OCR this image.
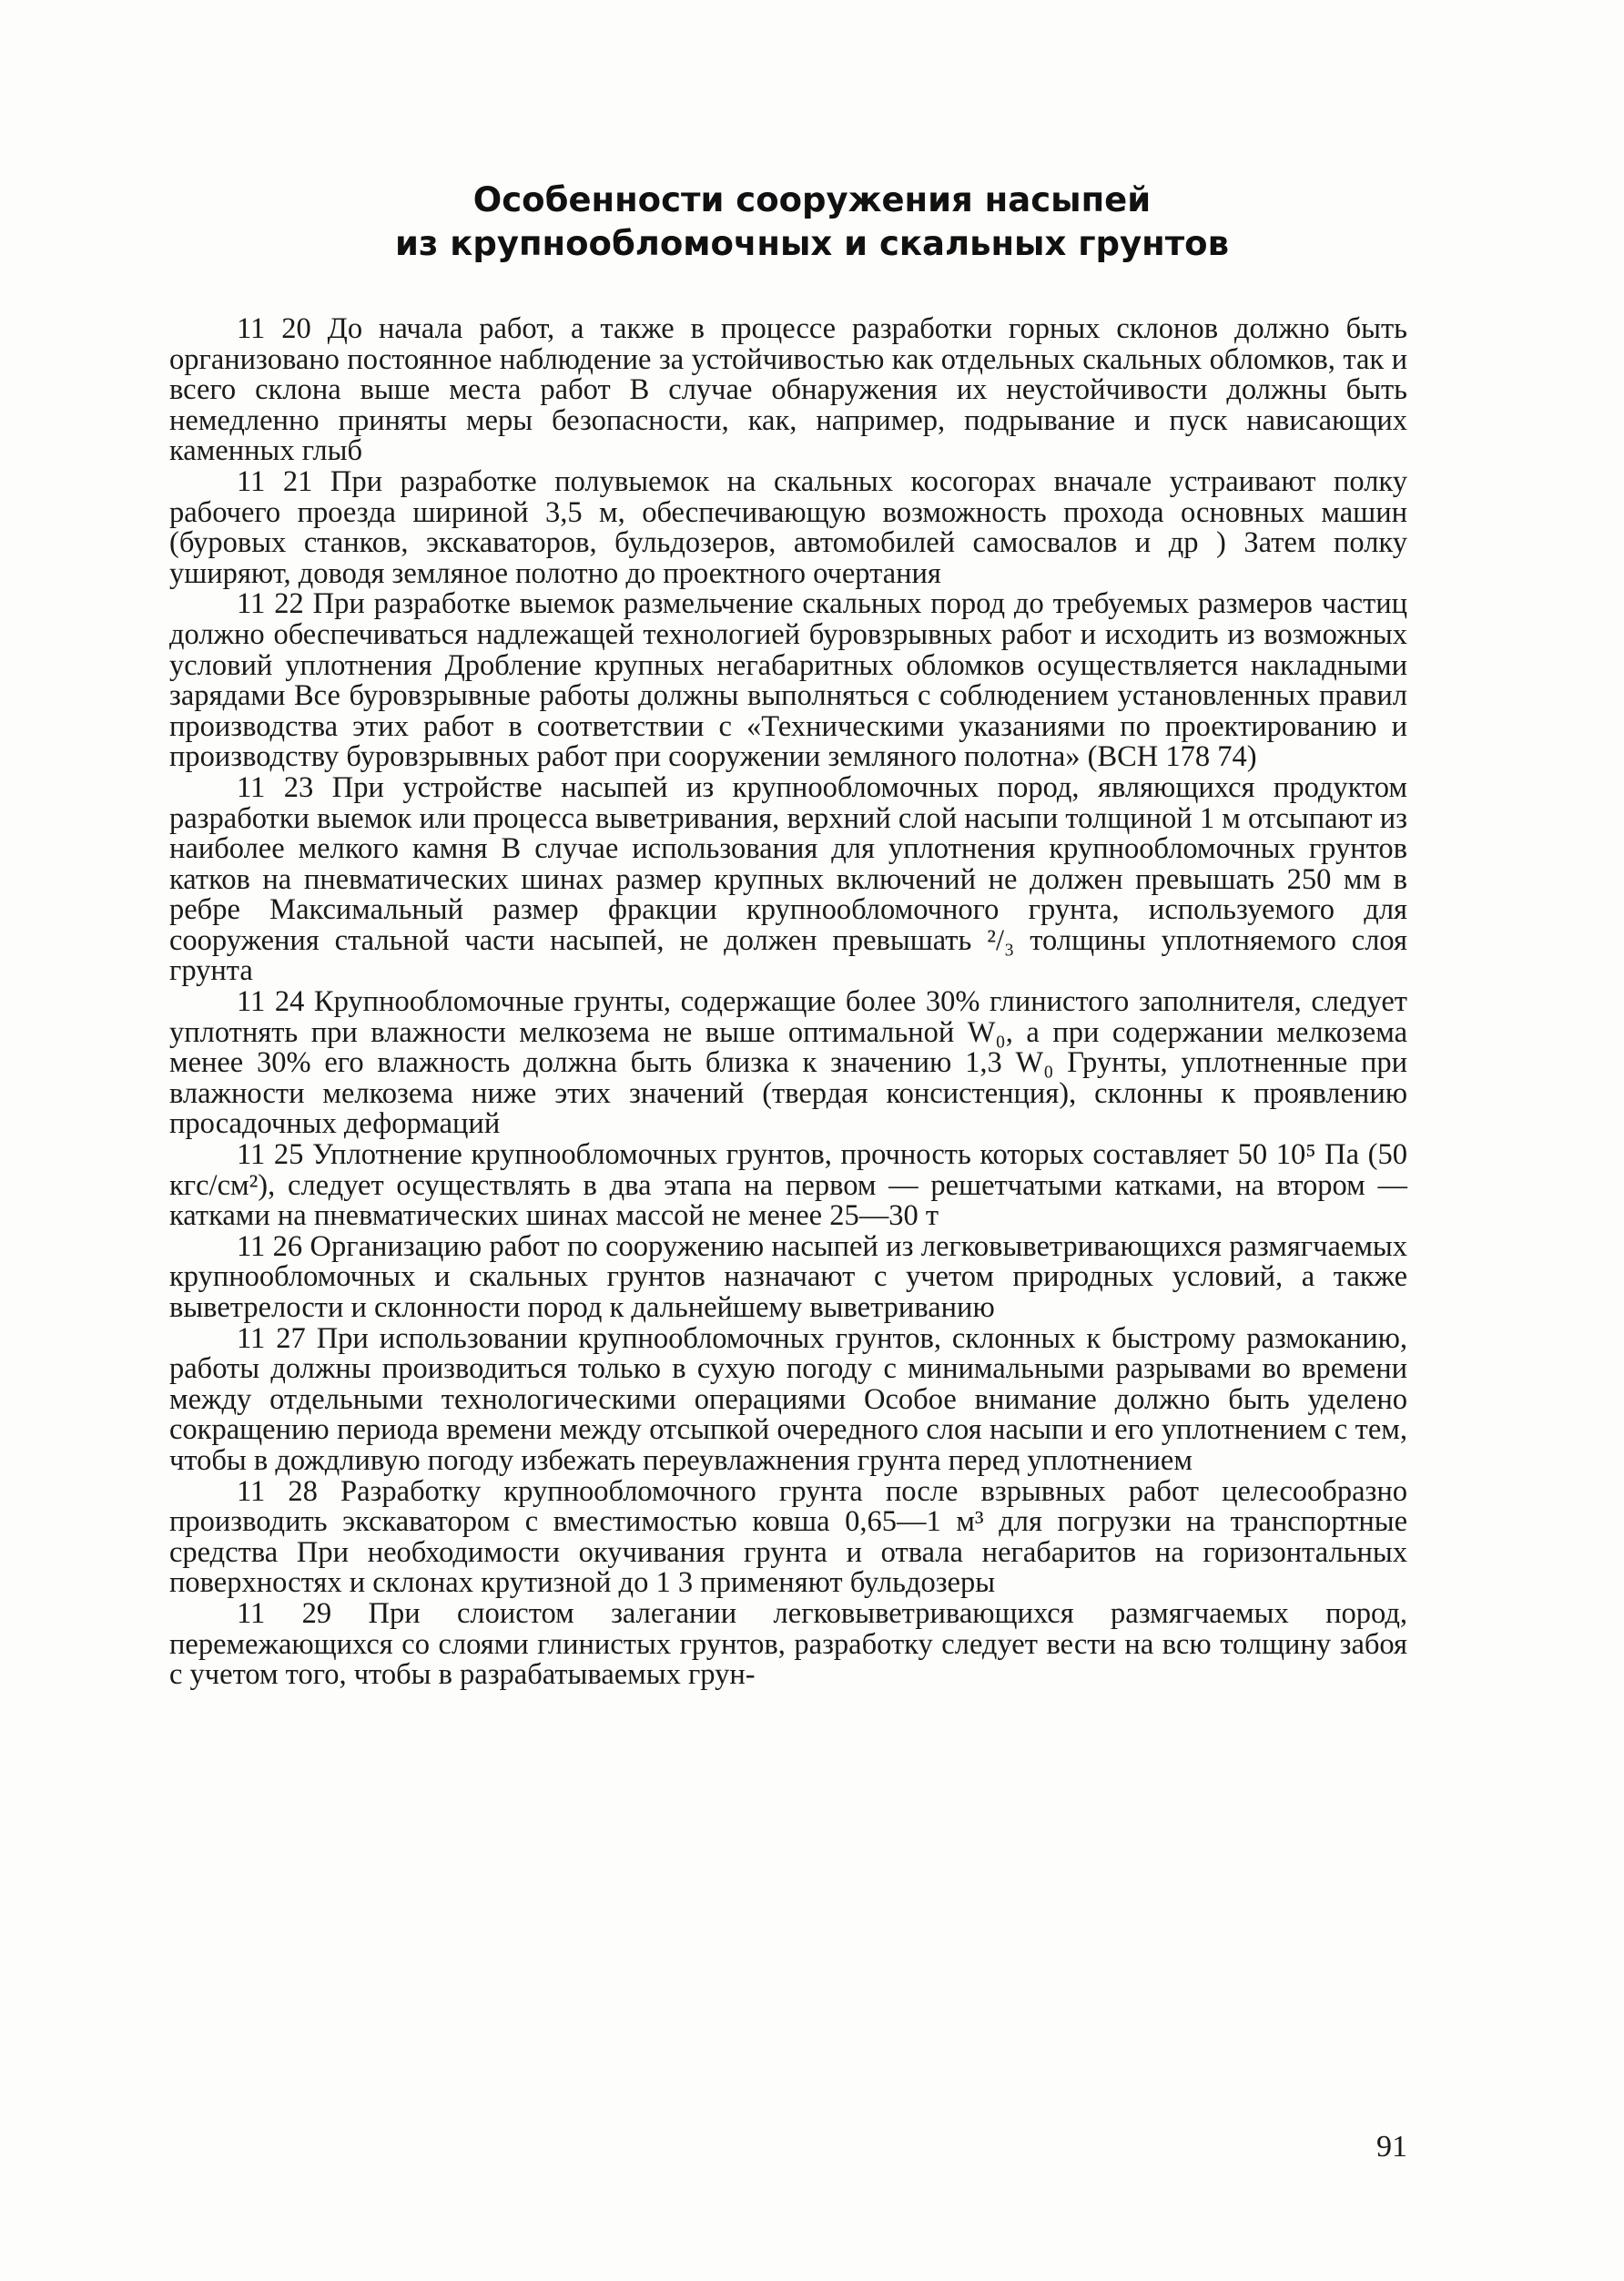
Особенности сооружения насыпей
из крупнообломочных и скальных грунтов

11 20 До начала работ, а также в процессе разработки горных склонов должно быть организовано постоянное наблюдение за устойчивостью как отдельных скальных обломков, так и всего склона выше места работ В случае обнаружения их неустойчивости должны быть немедленно приняты меры безопасности, как, например, подрывание и пуск нависающих каменных глыб

11 21 При разработке полувыемок на скальных косогорах вначале устраивают полку рабочего проезда шириной 3,5 м, обеспечивающую возможность прохода основных машин (буровых станков, экскаваторов, бульдозеров, автомобилей самосвалов и др ) Затем полку уширяют, доводя земляное полотно до проектного очертания

11 22 При разработке выемок размельчение скальных пород до требуемых размеров частиц должно обеспечиваться надлежащей технологией буровзрывных работ и исходить из возможных условий уплотнения Дробление крупных негабаритных обломков осуществляется накладными зарядами Все буровзрывные работы должны выполняться с соблюдением установленных правил производства этих работ в соответствии с «Техническими указаниями по проектированию и производству буровзрывных работ при сооружении земляного полотна» (ВСН 178 74)

11 23 При устройстве насыпей из крупнообломочных пород, являющихся продуктом разработки выемок или процесса выветривания, верхний слой насыпи толщиной 1 м отсыпают из наиболее мелкого камня В случае использования для уплотнения крупнообломочных грунтов катков на пневматических шинах размер крупных включений не должен превышать 250 мм в ребре Максимальный размер фракции крупнообломочного грунта, используемого для сооружения стальной части насыпей, не должен превышать ²/₃ толщины уплотняемого слоя грунта

11 24 Крупнообломочные грунты, содержащие более 30% глинистого заполнителя, следует уплотнять при влажности мелкозема не выше оптимальной W₀, а при содержании мелкозема менее 30% его влажность должна быть близка к значению 1,3 W₀ Грунты, уплотненные при влажности мелкозема ниже этих значений (твердая консистенция), склонны к проявлению просадочных деформаций

11 25 Уплотнение крупнообломочных грунтов, прочность которых составляет 50 10⁵ Па (50 кгс/см²), следует осуществлять в два этапа на первом — решетчатыми катками, на втором — катками на пневматических шинах массой не менее 25—30 т

11 26 Организацию работ по сооружению насыпей из легковыветривающихся размягчаемых крупнообломочных и скальных грунтов назначают с учетом природных условий, а также выветрелости и склонности пород к дальнейшему выветриванию

11 27 При использовании крупнообломочных грунтов, склонных к быстрому размоканию, работы должны производиться только в сухую погоду с минимальными разрывами во времени между отдельными технологическими операциями Особое внимание должно быть уделено сокращению периода времени между отсыпкой очередного слоя насыпи и его уплотнением с тем, чтобы в дождливую погоду избежать переувлажнения грунта перед уплотнением

11 28 Разработку крупнообломочного грунта после взрывных работ целесообразно производить экскаватором с вместимостью ковша 0,65—1 м³ для погрузки на транспортные средства При необходимости окучивания грунта и отвала негабаритов на горизонтальных поверхностях и склонах крутизной до 1 3 применяют бульдозеры

11 29 При слоистом залегании легковыветривающихся размягчаемых пород, перемежающихся со слоями глинистых грунтов, разработку следует вести на всю толщину забоя с учетом того, чтобы в разрабатываемых грун-

91
